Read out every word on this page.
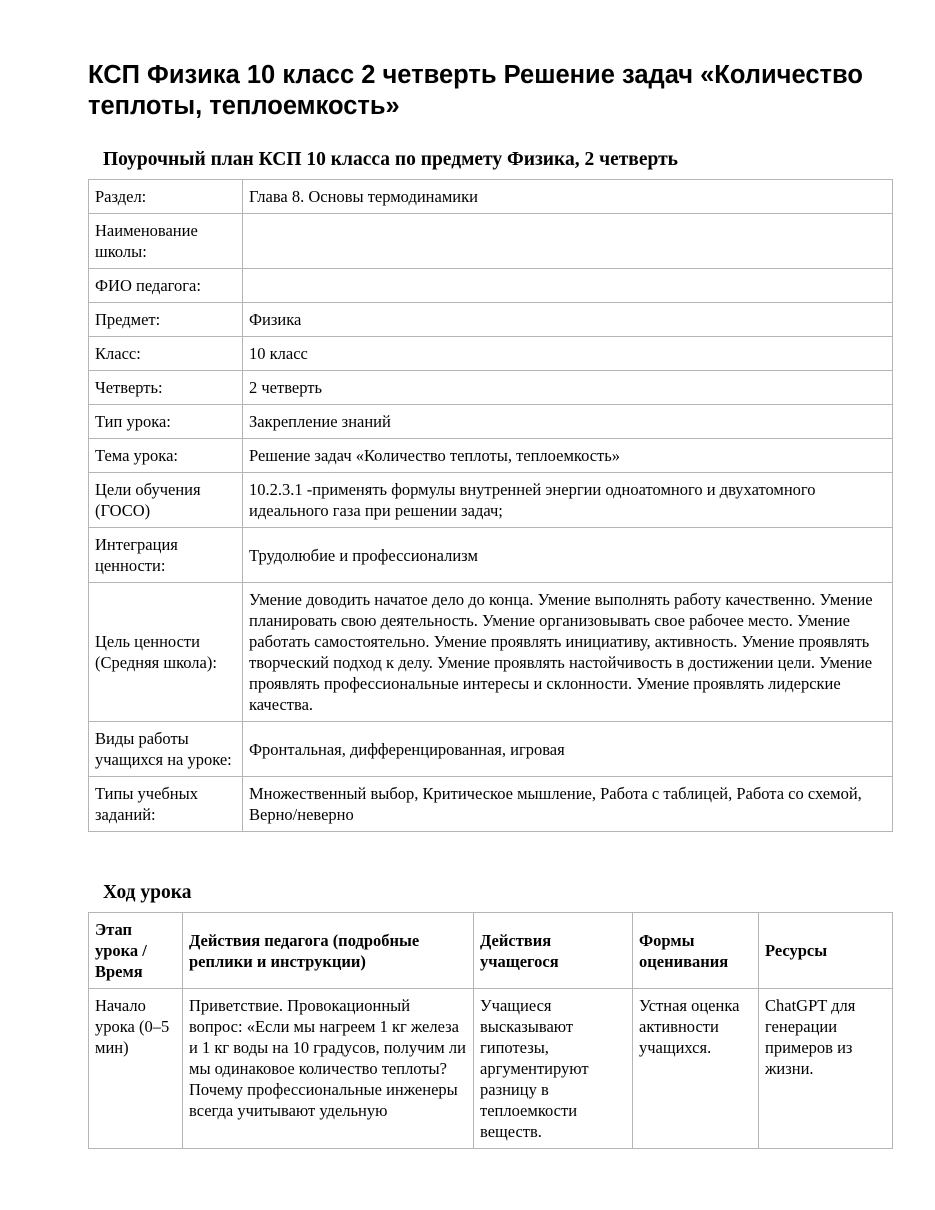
КСП Физика 10 класс 2 четверть Решение задач «Количество теплоты, теплоемкость»
Поурочный план КСП 10 класса по предмету Физика, 2 четверть
Раздел:	Глава 8. Основы термодинамики
Наименование школы:	
ФИО педагога:	
Предмет:	Физика
Класс:	10 класс
Четверть:	2 четверть
Тип урока:	Закрепление знаний
Тема урока:	Решение задач «Количество теплоты, теплоемкость»
Цели обучения (ГОСО)	10.2.3.1 -применять формулы внутренней энергии одноатомного и двухатомного идеального газа при решении задач;
Интеграция ценности:	Трудолюбие и профессионализм
Цель ценности (Средняя школа):	Умение доводить начатое дело до конца. Умение выполнять работу качественно. Умение планировать свою деятельность. Умение организовывать свое рабочее место. Умение работать самостоятельно. Умение проявлять инициативу, активность. Умение проявлять творческий подход к делу. Умение проявлять настойчивость в достижении цели. Умение проявлять профессиональные интересы и склонности. Умение проявлять лидерские качества.
Виды работы учащихся на уроке:	Фронтальная, дифференцированная, игровая
Типы учебных заданий:	Множественный выбор, Критическое мышление, Работа с таблицей, Работа со схемой, Верно/неверно
Ход урока
Этап урока / Время	Действия педагога (подробные реплики и инструкции)	Действия учащегося	Формы оценивания	Ресурсы
Начало урока (0–5 мин)	Приветствие. Провокационный вопрос: «Если мы нагреем 1 кг железа и 1 кг воды на 10 градусов, получим ли мы одинаковое количество теплоты? Почему профессиональные инженеры всегда учитывают удельную	Учащиеся высказывают гипотезы, аргументируют разницу в теплоемкости веществ.	Устная оценка активности учащихся.	ChatGPT для генерации примеров из жизни.
